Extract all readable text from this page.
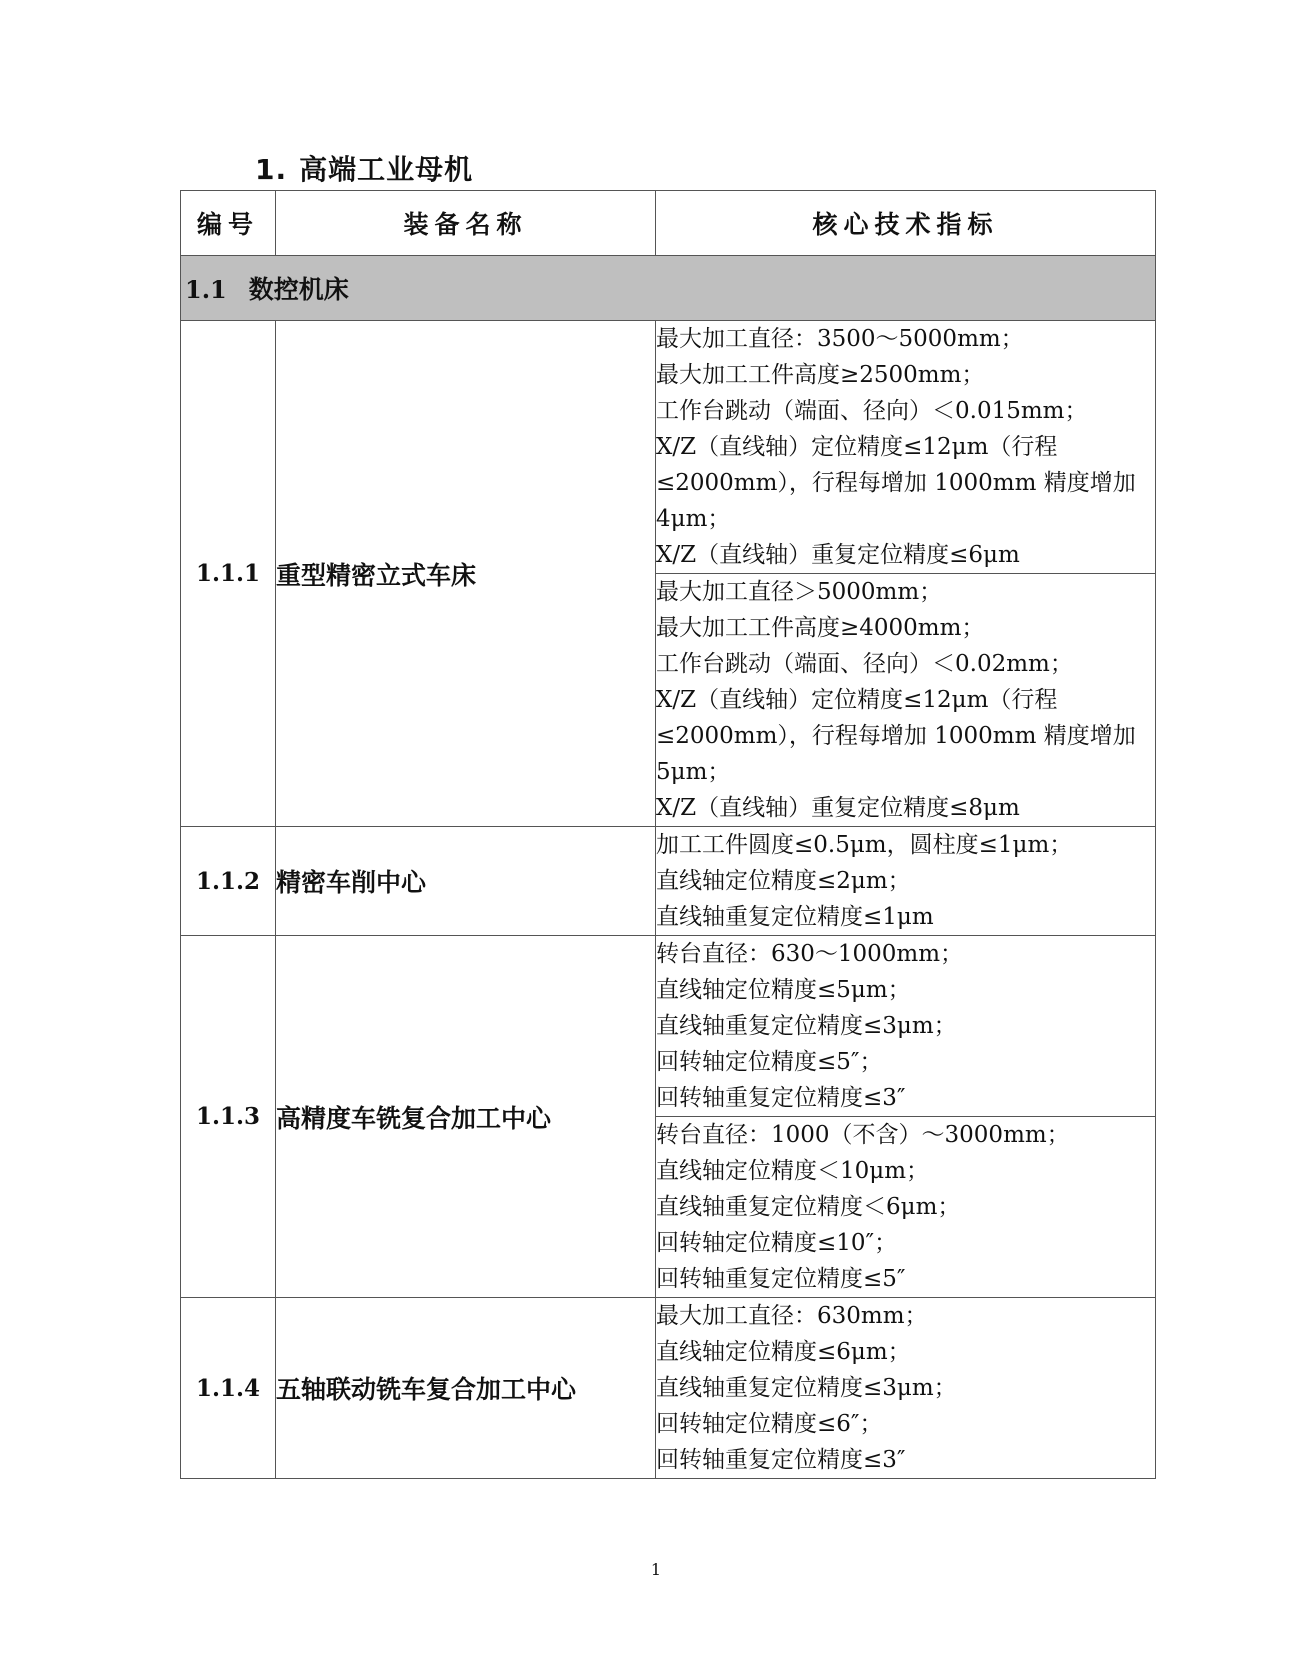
1. 高端工业母机
编号	装备名称	核心技术指标
1.1 数控机床		
1.1.1	重型精密立式车床	最大加工直径：3500～5000mm；
最大加工工件高度≥2500mm；
工作台跳动（端面、径向）＜0.015mm；
X/Z（直线轴）定位精度≤12μm（行程≤2000mm），行程每增加 1000mm 精度增加 4μm；
X/Z（直线轴）重复定位精度≤6μm

		最大加工直径＞5000mm；
最大加工工件高度≥4000mm；
工作台跳动（端面、径向）＜0.02mm；
X/Z（直线轴）定位精度≤12μm（行程≤2000mm），行程每增加 1000mm 精度增加 5μm；
X/Z（直线轴）重复定位精度≤8μm

1.1.2	精密车削中心	加工工件圆度≤0.5μm，圆柱度≤1μm；
直线轴定位精度≤2μm；
直线轴重复定位精度≤1μm

1.1.3	高精度车铣复合加工中心	转台直径：630～1000mm；
直线轴定位精度≤5μm；
直线轴重复定位精度≤3μm；
回转轴定位精度≤5″；
回转轴重复定位精度≤3″

		转台直径：1000（不含）～3000mm；
直线轴定位精度＜10μm；
直线轴重复定位精度＜6μm；
回转轴定位精度≤10″；
回转轴重复定位精度≤5″

1.1.4	五轴联动铣车复合加工中心	最大加工直径：630mm；
直线轴定位精度≤6μm；
直线轴重复定位精度≤3μm；
回转轴定位精度≤6″；
回转轴重复定位精度≤3″
1
